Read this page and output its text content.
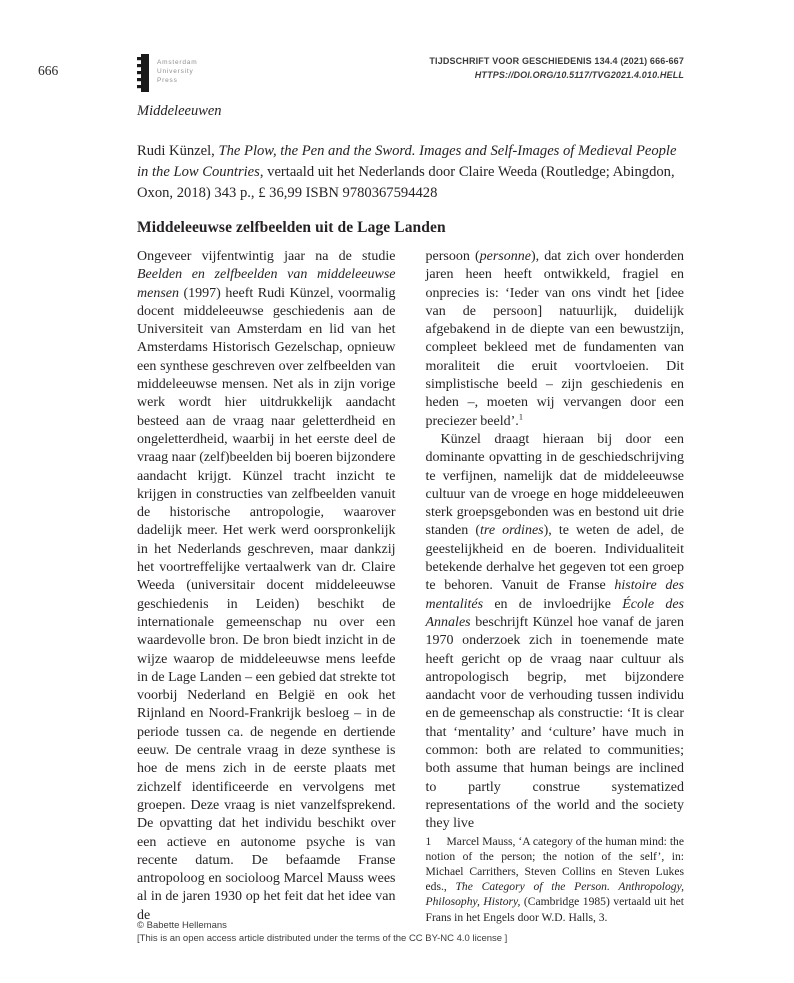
666
Amsterdam
University
Press
TIJDSCHRIFT VOOR GESCHIEDENIS 134.4 (2021) 666-667
HTTPS://DOI.ORG/10.5117/TVG2021.4.010.HELL
Middeleeuwen

Rudi Künzel, The Plow, the Pen and the Sword. Images and Self-Images of Medieval People in the Low Countries, vertaald uit het Nederlands door Claire Weeda (Routledge; Abingdon, Oxon, 2018) 343 p., £ 36,99 ISBN 9780367594428

Middeleeuwse zelfbeelden uit de Lage Landen

Ongeveer vijfentwintig jaar na de studie Beelden en zelfbeelden van middeleeuwse mensen (1997) heeft Rudi Künzel, voormalig docent middeleeuwse geschiedenis aan de Universiteit van Amsterdam en lid van het Amsterdams Historisch Gezelschap, opnieuw een synthese geschreven over zelfbeelden van middeleeuwse mensen. Net als in zijn vorige werk wordt hier uitdrukkelijk aandacht besteed aan de vraag naar geletterdheid en ongeletterdheid, waarbij in het eerste deel de vraag naar (zelf)beelden bij boeren bijzondere aandacht krijgt. Künzel tracht inzicht te krijgen in constructies van zelfbeelden vanuit de historische antropologie, waarover dadelijk meer. Het werk werd oorspronkelijk in het Nederlands geschreven, maar dankzij het voortreffelijke vertaalwerk van dr. Claire Weeda (universitair docent middeleeuwse geschiedenis in Leiden) beschikt de internationale gemeenschap nu over een waardevolle bron. De bron biedt inzicht in de wijze waarop de middeleeuwse mens leefde in de Lage Landen – een gebied dat strekte tot voorbij Nederland en België en ook het Rijnland en Noord-Frankrijk besloeg – in de periode tussen ca. de negende en dertiende eeuw. De centrale vraag in deze synthese is hoe de mens zich in de eerste plaats met zichzelf identificeerde en vervolgens met groepen. Deze vraag is niet vanzelfsprekend. De opvatting dat het individu beschikt over een actieve en autonome psyche is van recente datum. De befaamde Franse antropoloog en socioloog Marcel Mauss wees al in de jaren 1930 op het feit dat het idee van de

persoon (personne), dat zich over honderden jaren heen heeft ontwikkeld, fragiel en onprecies is: ‘Ieder van ons vindt het [idee van de persoon] natuurlijk, duidelijk afgebakend in de diepte van een bewustzijn, compleet bekleed met de fundamenten van moraliteit die eruit voortvloeien. Dit simplistische beeld – zijn geschiedenis en heden –, moeten wij vervangen door een preciezer beeld’.$^1$

Künzel draagt hieraan bij door een dominante opvatting in de geschiedschrijving te verfijnen, namelijk dat de middeleeuwse cultuur van de vroege en hoge middeleeuwen sterk groepsgebonden was en bestond uit drie standen (tre ordines), te weten de adel, de geestelijkheid en de boeren. Individualiteit betekende derhalve het gegeven tot een groep te behoren. Vanuit de Franse histoire des mentalités en de invloedrijke École des Annales beschrijft Künzel hoe vanaf de jaren 1970 onderzoek zich in toenemende mate heeft gericht op de vraag naar cultuur als antropologisch begrip, met bijzondere aandacht voor de verhouding tussen individu en de gemeenschap als constructie: ‘It is clear that ‘mentality’ and ‘culture’ have much in common: both are related to communities; both assume that human beings are inclined to partly construe systematized representations of the world and the society they live

1 Marcel Mauss, ‘A category of the human mind: the notion of the person; the notion of the self’, in: Michael Carrithers, Steven Collins en Steven Lukes eds., The Category of the Person. Anthropology, Philosophy, History, (Cambridge 1985) vertaald uit het Frans in het Engels door W.D. Halls, 3.

© Babette Hellemans
[This is an open access article distributed under the terms of the CC BY-NC 4.0 license ]
